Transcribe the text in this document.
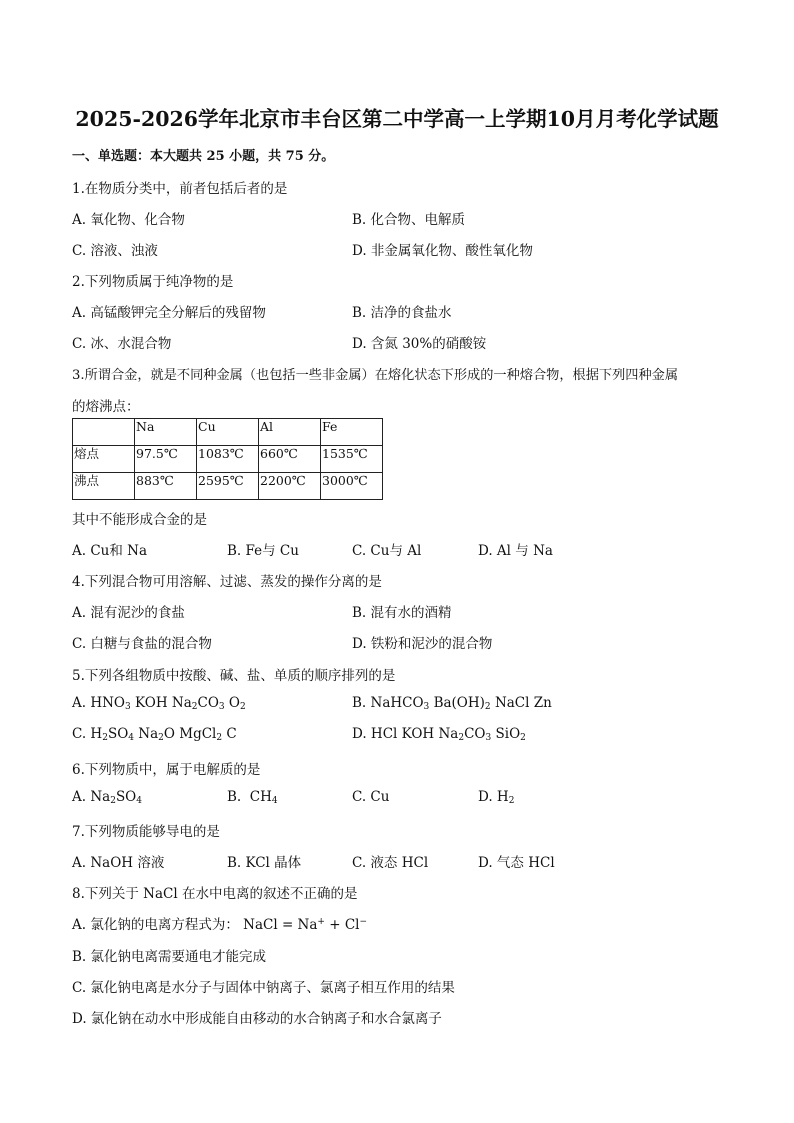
2025-2026学年北京市丰台区第二中学高一上学期10月月考化学试题
一、单选题：本大题共 25 小题，共 75 分。
1.在物质分类中，前者包括后者的是
A. 氧化物、化合物	B. 化合物、电解质
C. 溶液、浊液	D. 非金属氧化物、酸性氧化物
2.下列物质属于纯净物的是
A. 高锰酸钾完全分解后的残留物	B. 洁净的食盐水
C. 冰、水混合物	D. 含氮 30%的硝酸铵
3.所谓合金，就是不同种金属（也包括一些非金属）在熔化状态下形成的一种熔合物，根据下列四种金属
的熔沸点：
	Na	Cu	Al	Fe
熔点	97.5℃	1083℃	660℃	1535℃
沸点	883℃	2595℃	2200℃	3000℃
其中不能形成合金的是
A. Cu和 Na	B. Fe与 Cu	C. Cu与 Al	D. Al 与 Na
4.下列混合物可用溶解、过滤、蒸发的操作分离的是
A. 混有泥沙的食盐	B. 混有水的酒精
C. 白糖与食盐的混合物	D. 铁粉和泥沙的混合物
5.下列各组物质中按酸、碱、盐、单质的顺序排列的是
A. $HNO_3$ KOH $Na_2CO_3$ $O_2$	B. NaHCO$_3$ $Ba(OH)_2$ NaCl Zn
C. $H_2SO_4$ $Na_2O$ MgCl$_2$ C	D. HCl KOH $Na_2CO_3$ SiO$_2$
6.下列物质中，属于电解质的是
A. $Na_2SO_4$	B.  $CH_4$	C. Cu	D. $H_2$
7.下列物质能够导电的是
A. NaOH 溶液	B. KCl 晶体	C. 液态 HCl	D. 气态 HCl
8.下列关于 NaCl 在水中电离的叙述不正确的是
A. 氯化钠的电离方程式为： NaCl = Na+ + Cl−
B. 氯化钠电离需要通电才能完成
C. 氯化钠电离是水分子与固体中钠离子、氯离子相互作用的结果
D. 氯化钠在动水中形成能自由移动的水合钠离子和水合氯离子
